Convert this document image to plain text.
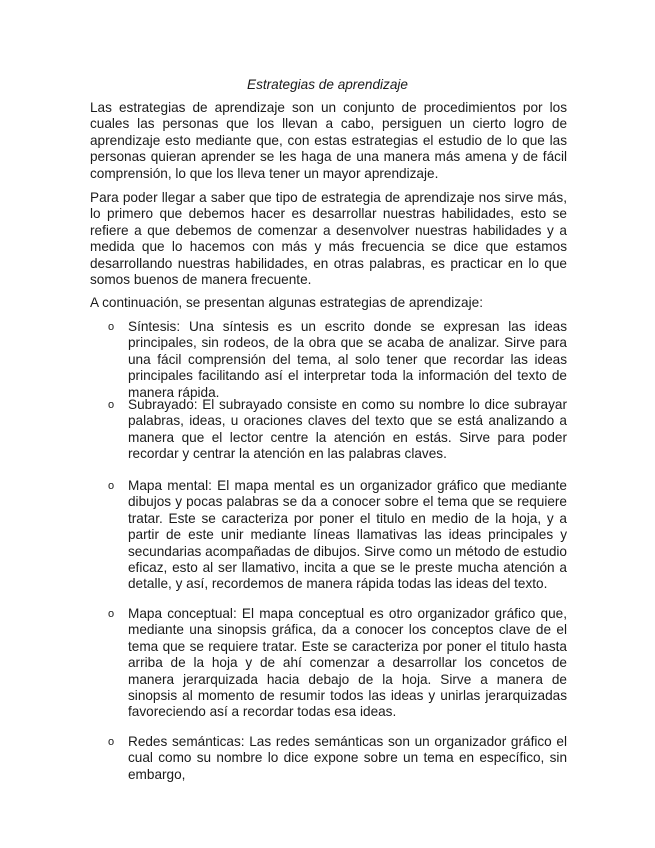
Estrategias de aprendizaje

Las estrategias de aprendizaje son un conjunto de procedimientos por los cuales las personas que los llevan a cabo, persiguen un cierto logro de aprendizaje esto mediante que, con estas estrategias el estudio de lo que las personas quieran aprender se les haga de una manera más amena y de fácil comprensión, lo que los lleva tener un mayor aprendizaje.

Para poder llegar a saber que tipo de estrategia de aprendizaje nos sirve más, lo primero que debemos hacer es desarrollar nuestras habilidades, esto se refiere a que debemos de comenzar a desenvolver nuestras habilidades y a medida que lo hacemos con más y más frecuencia se dice que estamos desarrollando nuestras habilidades, en otras palabras, es practicar en lo que somos buenos de manera frecuente.

A continuación, se presentan algunas estrategias de aprendizaje:

o	Síntesis: Una síntesis es un escrito donde se expresan las ideas principales, sin rodeos, de la obra que se acaba de analizar. Sirve para una fácil comprensión del tema, al solo tener que recordar las ideas principales facilitando así el interpretar toda la información del texto de manera rápida.
o	Subrayado: El subrayado consiste en como su nombre lo dice subrayar palabras, ideas, u oraciones claves del texto que se está analizando a manera que el lector centre la atención en estás. Sirve para poder recordar y centrar la atención en las palabras claves.
o	Mapa mental: El mapa mental es un organizador gráfico que mediante dibujos y pocas palabras se da a conocer sobre el tema que se requiere tratar. Este se caracteriza por poner el titulo en medio de la hoja, y a partir de este unir mediante líneas llamativas las ideas principales y secundarias acompañadas de dibujos. Sirve como un método de estudio eficaz, esto al ser llamativo, incita a que se le preste mucha atención a detalle, y así, recordemos de manera rápida todas las ideas del texto.
o	Mapa conceptual: El mapa conceptual es otro organizador gráfico que, mediante una sinopsis gráfica, da a conocer los conceptos clave de el tema que se requiere tratar. Este se caracteriza por poner el titulo hasta arriba de la hoja y de ahí comenzar a desarrollar los concetos de manera jerarquizada hacia debajo de la hoja. Sirve a manera de sinopsis al momento de resumir todos las ideas y unirlas jerarquizadas favoreciendo así a recordar todas esa ideas.
o	Redes semánticas: Las redes semánticas son un organizador gráfico el cual como su nombre lo dice expone sobre un tema en específico, sin embargo,
